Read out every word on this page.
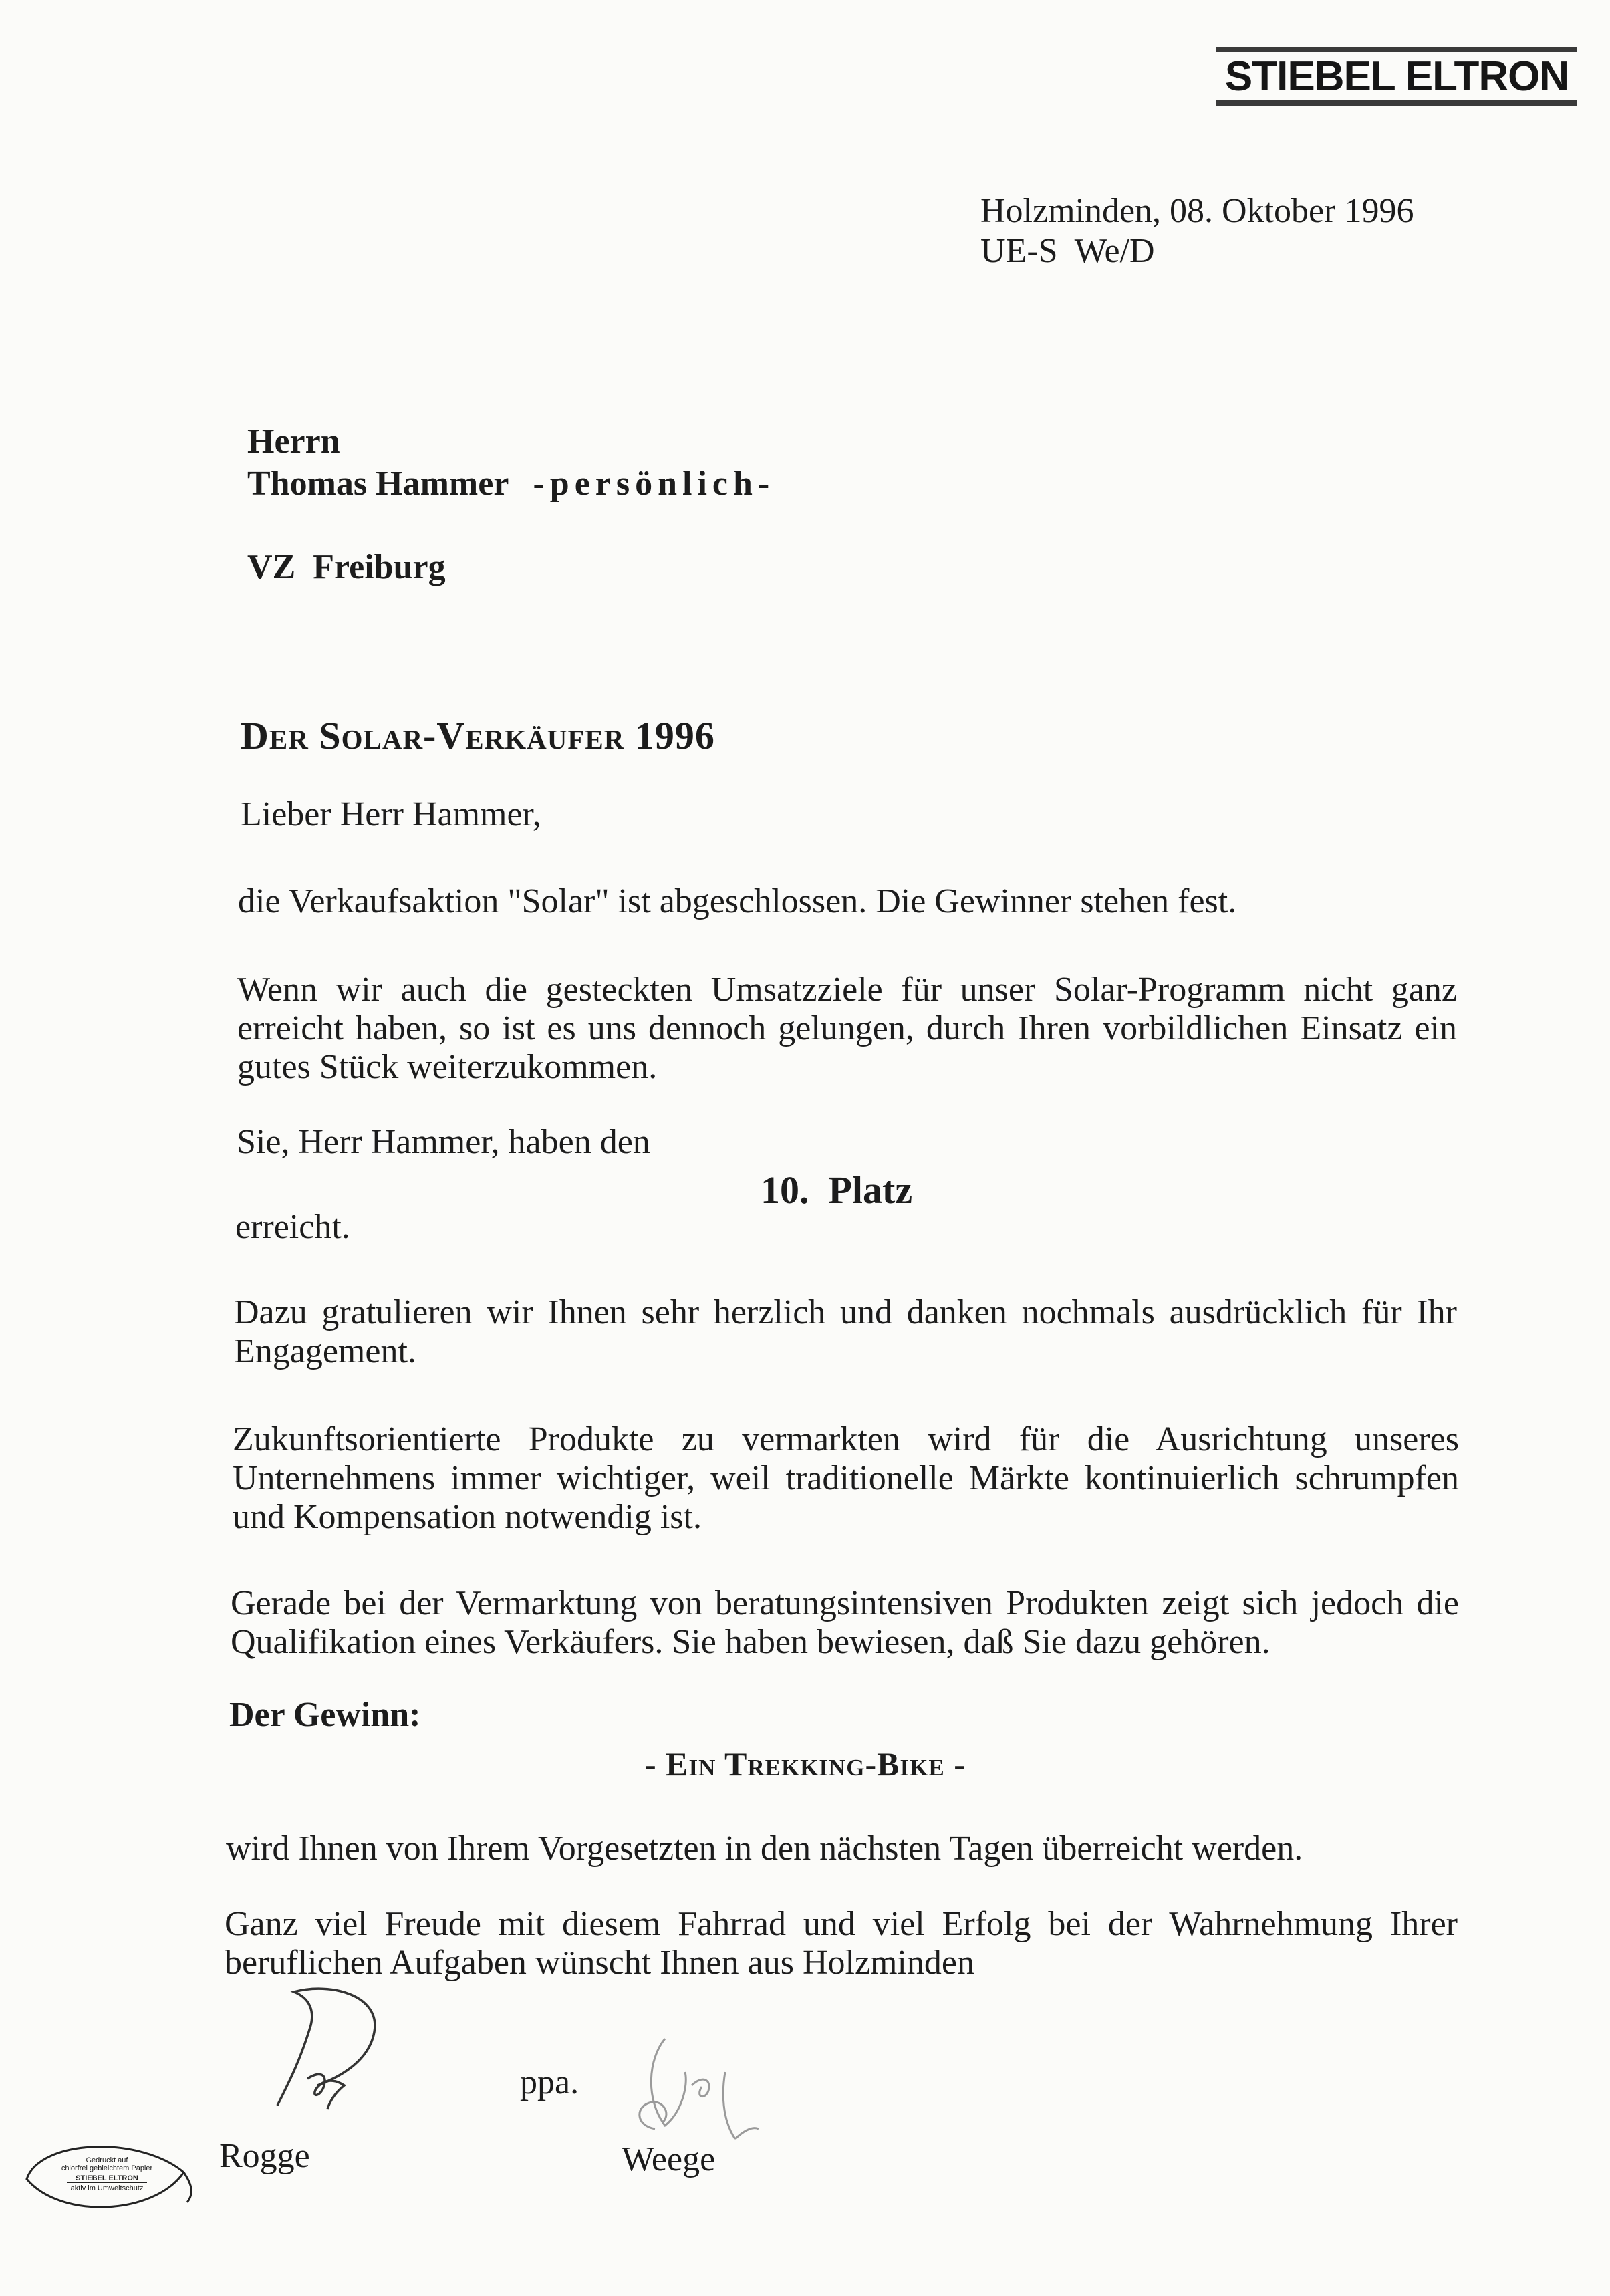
STIEBEL ELTRON
Holzminden, 08. Oktober 1996
UE-S  We/D
Herrn
Thomas Hammer -persönlich-
VZ  Freiburg
Der Solar-Verkäufer 1996
Lieber Herr Hammer,
die Verkaufsaktion "Solar" ist abgeschlossen. Die Gewinner stehen fest.
Wenn wir auch die gesteckten Umsatzziele für unser Solar-Programm nicht ganz erreicht haben, so ist es uns dennoch gelungen, durch Ihren vorbildlichen Einsatz ein gutes Stück weiterzukommen.
Sie, Herr Hammer, haben den
10.  Platz
erreicht.
Dazu gratulieren wir Ihnen sehr herzlich und danken nochmals ausdrücklich für Ihr Engagement.
Zukunftsorientierte Produkte zu vermarkten wird für die Ausrichtung unseres Unternehmens immer wichtiger, weil traditionelle Märkte kontinuierlich schrumpfen und Kompensation notwendig ist.
Gerade bei der Vermarktung von beratungsintensiven Produkten zeigt sich jedoch die Qualifikation eines Verkäufers. Sie haben bewiesen, daß Sie dazu gehören.
Der Gewinn:
- Ein Trekking-Bike -
wird Ihnen von Ihrem Vorgesetzten in den nächsten Tagen überreicht werden.
Ganz viel Freude mit diesem Fahrrad und viel Erfolg bei der Wahrnehmung Ihrer beruflichen Aufgaben wünscht Ihnen aus Holzminden
Rogge
ppa.
Weege
Gedruckt auf
chlorfrei gebleichtem Papier
STIEBEL ELTRON
aktiv im Umweltschutz
